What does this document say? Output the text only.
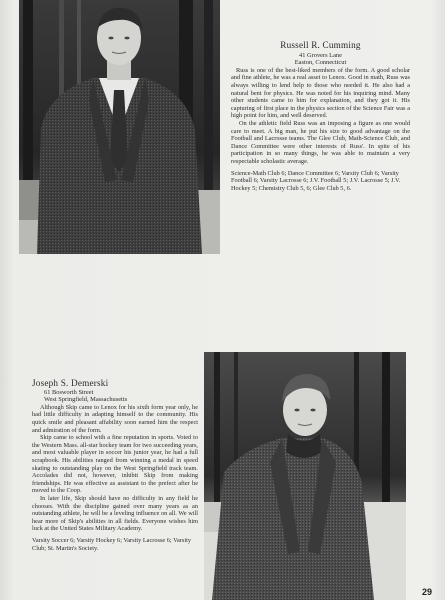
Russell R. Cumming
41 Grovers Lane
Easton, Connecticut

Russ is one of the best-liked members of the form. A good scholar and fine athlete, he was a real asset to Lenox. Good in math, Russ was always willing to lend help to those who needed it. He also had a natural bent for physics. He was noted for his inquiring mind. Many other students came to him for explanation, and they got it. His capturing of first place in the physics section of the Science Fair was a high point for him, and well deserved.

On the athletic field Russ was an imposing a figure as one would care to meet. A big man, he put his size to good advantage on the Football and Lacrosse teams. The Glee Club, Math-Science Club, and Dance Committee were other interests of Russ'. In spite of his participation in so many things, he was able to maintain a very respectable scholastic average.

Science-Math Club 6; Dance Committee 6; Varsity Club 6; Varsity Football 6; Varsity Lacrosse 6; J.V. Football 5; J.V. Lacrosse 5; J.V. Hockey 5; Chemistry Club 5, 6; Glee Club 5, 6.

Joseph S. Demerski
61 Bosworth Street
West Springfield, Massachusetts

Although Skip came to Lenox for his sixth form year only, he had little difficulty in adapting himself to the community. His quick smile and pleasant affability soon earned him the respect and admiration of the form.

Skip came to school with a fine reputation in sports. Voted to the Western Mass. all-star hockey team for two succeeding years, and most valuable player in soccer his junior year, he had a full scrapbook. His abilities ranged from winning a medal in speed skating to outstanding play on the West Springfield track team. Accolades did not, however, inhibit Skip from making friendships. He was effective as assistant to the prefect after he moved to the Coop.

In later life, Skip should have no difficulty in any field he chooses. With the discipline gained over many years as an outstanding athlete, he will be a leveling influence on all. We will hear more of Skip's abilities in all fields. Everyone wishes him luck at the United States Military Academy.

Varsity Soccer 6; Varsity Hockey 6; Varsity Lacrosse 6; Varsity Club; St. Martin's Society.

29
